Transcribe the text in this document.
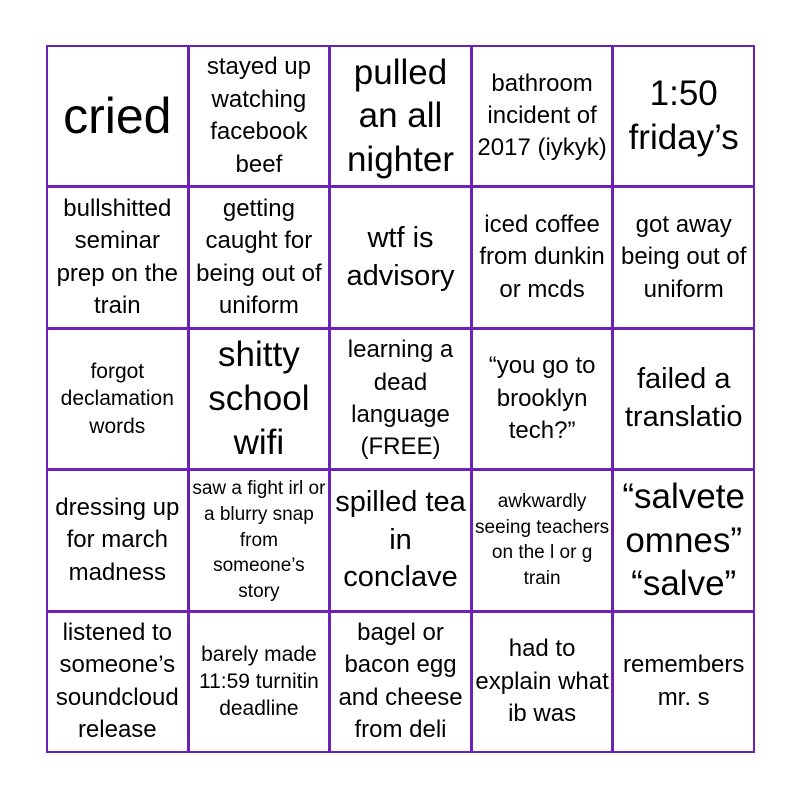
cried
stayed up watching facebook beef
pulled an all nighter
bathroom incident of 2017 (iykyk)
1:50 friday’s
bullshitted seminar prep on the train
getting caught for being out of uniform
wtf is advisory
iced coffee from dunkin or mcds
got away being out of uniform
forgot declamation words
shitty school wifi
learning a dead language (FREE)
“you go to brooklyn tech?”
failed a translatio
dressing up for march madness
saw a fight irl or a blurry snap from someone’s story
spilled tea in conclave
awkwardly seeing teachers on the l or g train
“salvete omnes” “salve”
listened to someone’s soundcloud release
barely made 11:59 turnitin deadline
bagel or bacon egg and cheese from deli
had to explain what ib was
remembers mr. s
